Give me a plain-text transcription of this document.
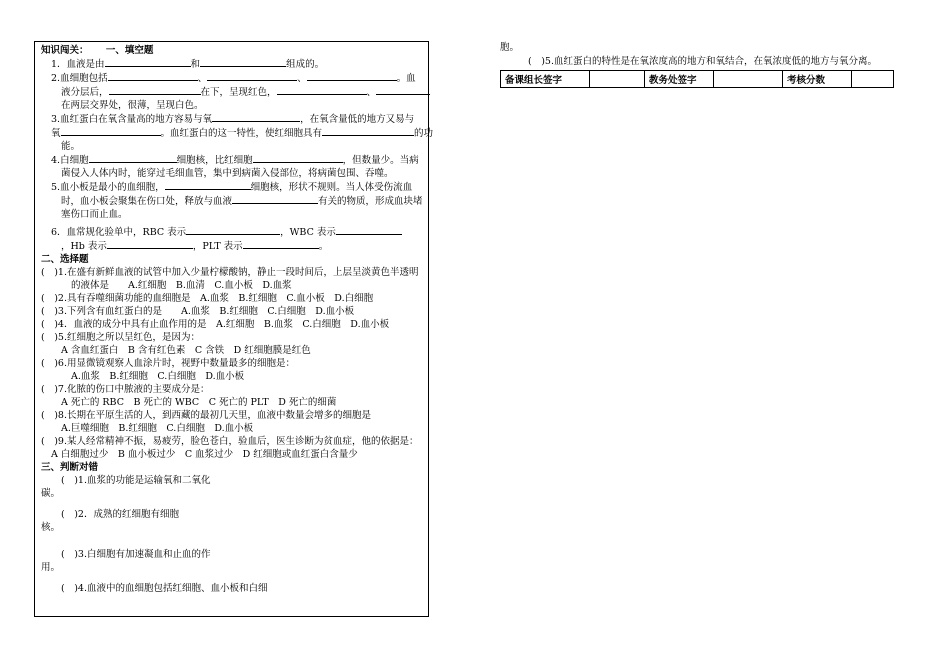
知识闯关： 一、填空题
1．血液是由	和	组成的。
2.血细胞包括	、	、	。血
液分层后，	在下，呈现红色，	、
在两层交界处，很薄，呈现白色。
3.血红蛋白在氧含量高的地方容易与氧	，在氧含量低的地方又易与
氧	。血红蛋白的这一特性，使红细胞具有	的功
能。
4.白细胞	细胞核，比红细胞	，但数量少。当病
菌侵入人体内时，能穿过毛细血管，集中到病菌入侵部位，将病菌包围、吞噬。
5.血小板是最小的血细胞，	细胞核，形状不规则。当人体受伤流血
时，血小板会聚集在伤口处，释放与血液	有关的物质，形成血块堵
塞伤口而止血。
6．血常规化验单中，RBC 表示	，WBC 表示
，Hb 表示	，PLT 表示	。
二、选择题
(　)1.在盛有新鲜血液的试管中加入少量柠檬酸钠，静止一段时间后，上层呈淡黄色半透明
的液体是　　A.红细胞　B.血清　C.血小板　D.血浆
(　)2.具有吞噬细菌功能的血细胞是　A.血浆　B.红细胞　C.血小板　D.白细胞
(　)3.下列含有血红蛋白的是　　A.血浆　B.红细胞　C.白细胞　D.血小板
(　)4．血液的成分中具有止血作用的是　A.红细胞　B.血浆　C.白细胞　D.血小板
(　)5.红细胞之所以呈红色，是因为：
A 含血红蛋白　B 含有红色素　C 含铁　D 红细胞膜是红色
(　)6.用显微镜观察人血涂片时，视野中数量最多的细胞是：
A.血浆　B.红细胞　C.白细胞　D.血小板
(　)7.化脓的伤口中脓液的主要成分是：
A 死亡的 RBC　B 死亡的 WBC　C 死亡的 PLT　D 死亡的细菌
(　)8.长期在平原生活的人，到西藏的最初几天里，血液中数量会增多的细胞是
A.巨噬细胞　B.红细胞　C.白细胞　D.血小板
(　)9.某人经常精神不振，易疲劳，脸色苍白，验血后，医生诊断为贫血症，他的依据是：
A 白细胞过少　B 血小板过少　C 血浆过少　D 红细胞或血红蛋白含量少
三、判断对错
(　)1.血浆的功能是运输氧和二氧化
碳。
(　)2．成熟的红细胞有细胞
核。
(　)3.白细胞有加速凝血和止血的作
用。
(　)4.血液中的血细胞包括红细胞、血小板和白细
胞。
(　)5.血红蛋白的特性是在氧浓度高的地方和氧结合，在氧浓度低的地方与氧分离。
备课组长签字		教务处签字		考核分数	
